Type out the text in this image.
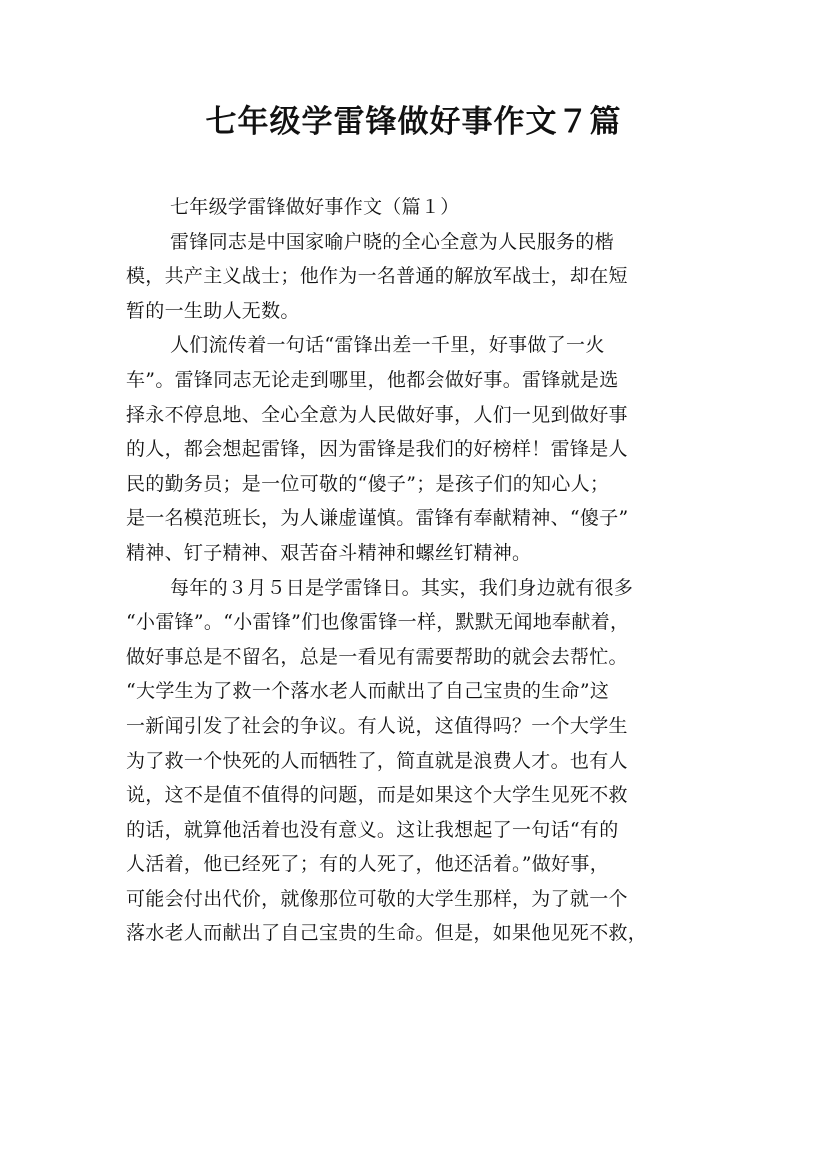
七年级学雷锋做好事作文７篇
七年级学雷锋做好事作文（篇１）
雷锋同志是中国家喻户晓的全心全意为人民服务的楷
模，共产主义战士；他作为一名普通的解放军战士，却在短
暂的一生助人无数。
人们流传着一句话“雷锋出差一千里，好事做了一火
车”。雷锋同志无论走到哪里，他都会做好事。雷锋就是选
择永不停息地、全心全意为人民做好事，人们一见到做好事
的人，都会想起雷锋，因为雷锋是我们的好榜样！雷锋是人
民的勤务员；是一位可敬的“傻子”；是孩子们的知心人；
是一名模范班长，为人谦虚谨慎。雷锋有奉献精神、“傻子”
精神、钉子精神、艰苦奋斗精神和螺丝钉精神。
每年的３月５日是学雷锋日。其实，我们身边就有很多
“小雷锋”。“小雷锋”们也像雷锋一样，默默无闻地奉献着，
做好事总是不留名，总是一看见有需要帮助的就会去帮忙。
“大学生为了救一个落水老人而献出了自己宝贵的生命”这
一新闻引发了社会的争议。有人说，这值得吗？一个大学生
为了救一个快死的人而牺牲了，简直就是浪费人才。也有人
说，这不是值不值得的问题，而是如果这个大学生见死不救
的话，就算他活着也没有意义。这让我想起了一句话“有的
人活着，他已经死了；有的人死了，他还活着。”做好事，
可能会付出代价，就像那位可敬的大学生那样，为了就一个
落水老人而献出了自己宝贵的生命。但是，如果他见死不救，
